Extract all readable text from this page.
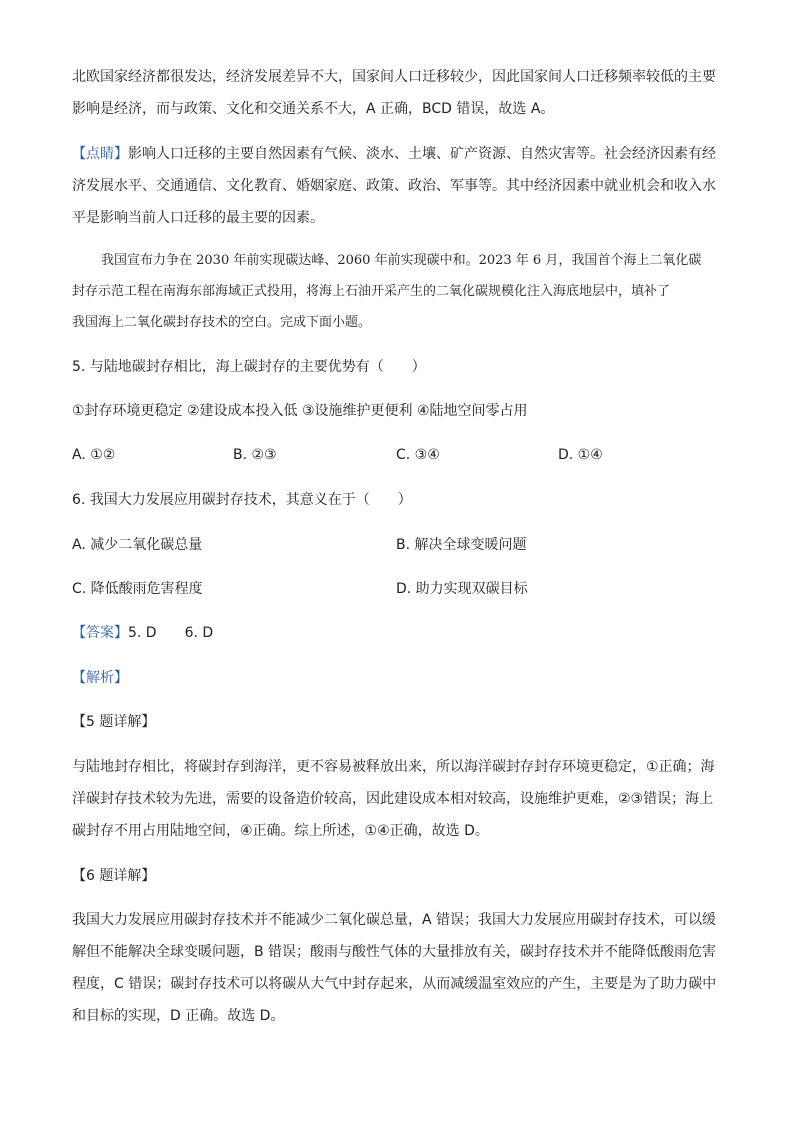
北欧国家经济都很发达，经济发展差异不大，国家间人口迁移较少，因此国家间人口迁移频率较低的主要
影响是经济，而与政策、文化和交通关系不大，A 正确，BCD 错误，故选 A。
【点睛】影响人口迁移的主要自然因素有气候、淡水、土壤、矿产资源、自然灾害等。社会经济因素有经
济发展水平、交通通信、文化教育、婚姻家庭、政策、政治、军事等。其中经济因素中就业机会和收入水
平是影响当前人口迁移的最主要的因素。
我国宣布力争在 2030 年前实现碳达峰、2060 年前实现碳中和。2023 年 6 月，我国首个海上二氧化碳
封存示范工程在南海东部海域正式投用，将海上石油开采产生的二氧化碳规模化注入海底地层中，填补了
我国海上二氧化碳封存技术的空白。完成下面小题。
5. 与陆地碳封存相比，海上碳封存的主要优势有（　　）
①封存环境更稳定 ②建设成本投入低 ③设施维护更便利 ④陆地空间零占用
A. ①②	B. ②③	C. ③④	D. ①④
6. 我国大力发展应用碳封存技术，其意义在于（　　）
A. 减少二氧化碳总量	B. 解决全球变暖问题
C. 降低酸雨危害程度	D. 助力实现双碳目标
【答案】5. D　　6. D
【解析】
【5 题详解】
与陆地封存相比，将碳封存到海洋，更不容易被释放出来，所以海洋碳封存封存环境更稳定，①正确；海
洋碳封存技术较为先进，需要的设备造价较高，因此建设成本相对较高，设施维护更难，②③错误；海上
碳封存不用占用陆地空间，④正确。综上所述，①④正确，故选 D。
【6 题详解】
我国大力发展应用碳封存技术并不能减少二氧化碳总量，A 错误；我国大力发展应用碳封存技术，可以缓
解但不能解决全球变暖问题，B 错误；酸雨与酸性气体的大量排放有关，碳封存技术并不能降低酸雨危害
程度，C 错误；碳封存技术可以将碳从大气中封存起来，从而减缓温室效应的产生，主要是为了助力碳中
和目标的实现，D 正确。故选 D。
